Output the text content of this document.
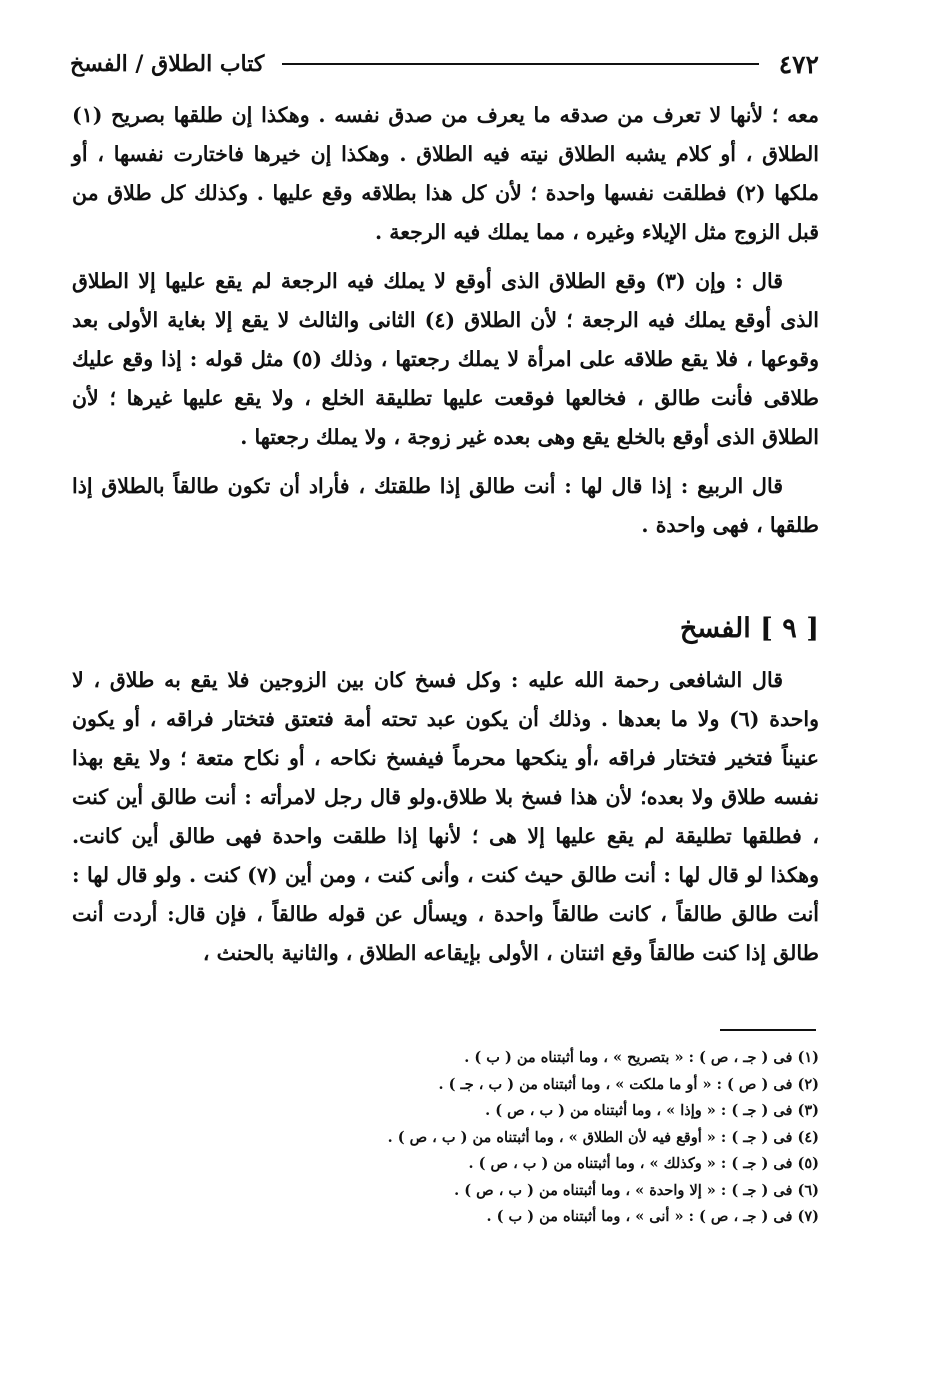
٤٧٢
كتاب الطلاق / الفسخ

معه ؛ لأنها لا تعرف من صدقه ما يعرف من صدق نفسه . وهكذا إن طلقها بصريح (١) الطلاق ، أو كلام يشبه الطلاق نيته فيه الطلاق . وهكذا إن خيرها فاختارت نفسها ، أو ملكها (٢) فطلقت نفسها واحدة ؛ لأن كل هذا بطلاقه وقع عليها . وكذلك كل طلاق من قبل الزوج مثل الإيلاء وغيره ، مما يملك فيه الرجعة .

قال : وإن (٣) وقع الطلاق الذى أوقع لا يملك فيه الرجعة لم يقع عليها إلا الطلاق الذى أوقع يملك فيه الرجعة ؛ لأن الطلاق (٤) الثانى والثالث لا يقع إلا بغاية الأولى بعد وقوعها ، فلا يقع طلاقه على امرأة لا يملك رجعتها ، وذلك (٥) مثل قوله : إذا وقع عليك طلاقى فأنت طالق ، فخالعها فوقعت عليها تطليقة الخلع ، ولا يقع عليها غيرها ؛ لأن الطلاق الذى أوقع بالخلع يقع وهى بعده غير زوجة ، ولا يملك رجعتها .

قال الربيع : إذا قال لها : أنت طالق إذا طلقتك ، فأراد أن تكون طالقاً بالطلاق إذا طلقها ، فهى واحدة .

[ ٩ ] الفسخ

قال الشافعى رحمة الله عليه : وكل فسخ كان بين الزوجين فلا يقع به طلاق ، لا واحدة (٦) ولا ما بعدها . وذلك أن يكون عبد تحته أمة فتعتق فتختار فراقه ، أو يكون عنيناً فتخير فتختار فراقه ،أو ينكحها محرماً فيفسخ نكاحه ، أو نكاح متعة ؛ ولا يقع بهذا نفسه طلاق ولا بعده؛ لأن هذا فسخ بلا طلاق.ولو قال رجل لامرأته : أنت طالق أين كنت ، فطلقها تطليقة لم يقع عليها إلا هى ؛ لأنها إذا طلقت واحدة فهى طالق أين كانت. وهكذا لو قال لها : أنت طالق حيث كنت ، وأنى كنت ، ومن أين (٧) كنت . ولو قال لها : أنت طالق طالقاً ، كانت طالقاً واحدة ، ويسأل عن قوله طالقاً ، فإن قال: أردت أنت طالق إذا كنت طالقاً وقع اثنتان ، الأولى بإيقاعه الطلاق ، والثانية بالحنث ،

(١) فى ( جـ ، ص ) : « بتصريح » ، وما أثبتناه من ( ب ) .
(٢) فى ( ص ) : « أو ما ملكت » ، وما أثبتناه من ( ب ، جـ ) .
(٣) فى ( جـ ) : « وإذا » ، وما أثبتناه من ( ب ، ص ) .
(٤) فى ( جـ ) : « أوقع فيه لأن الطلاق » ، وما أثبتناه من ( ب ، ص ) .
(٥) فى ( جـ ) : « وكذلك » ، وما أثبتناه من ( ب ، ص ) .
(٦) فى ( جـ ) : « إلا واحدة » ، وما أثبتناه من ( ب ، ص ) .
(٧) فى ( جـ ، ص ) : « أنى » ، وما أثبتناه من ( ب ) .
